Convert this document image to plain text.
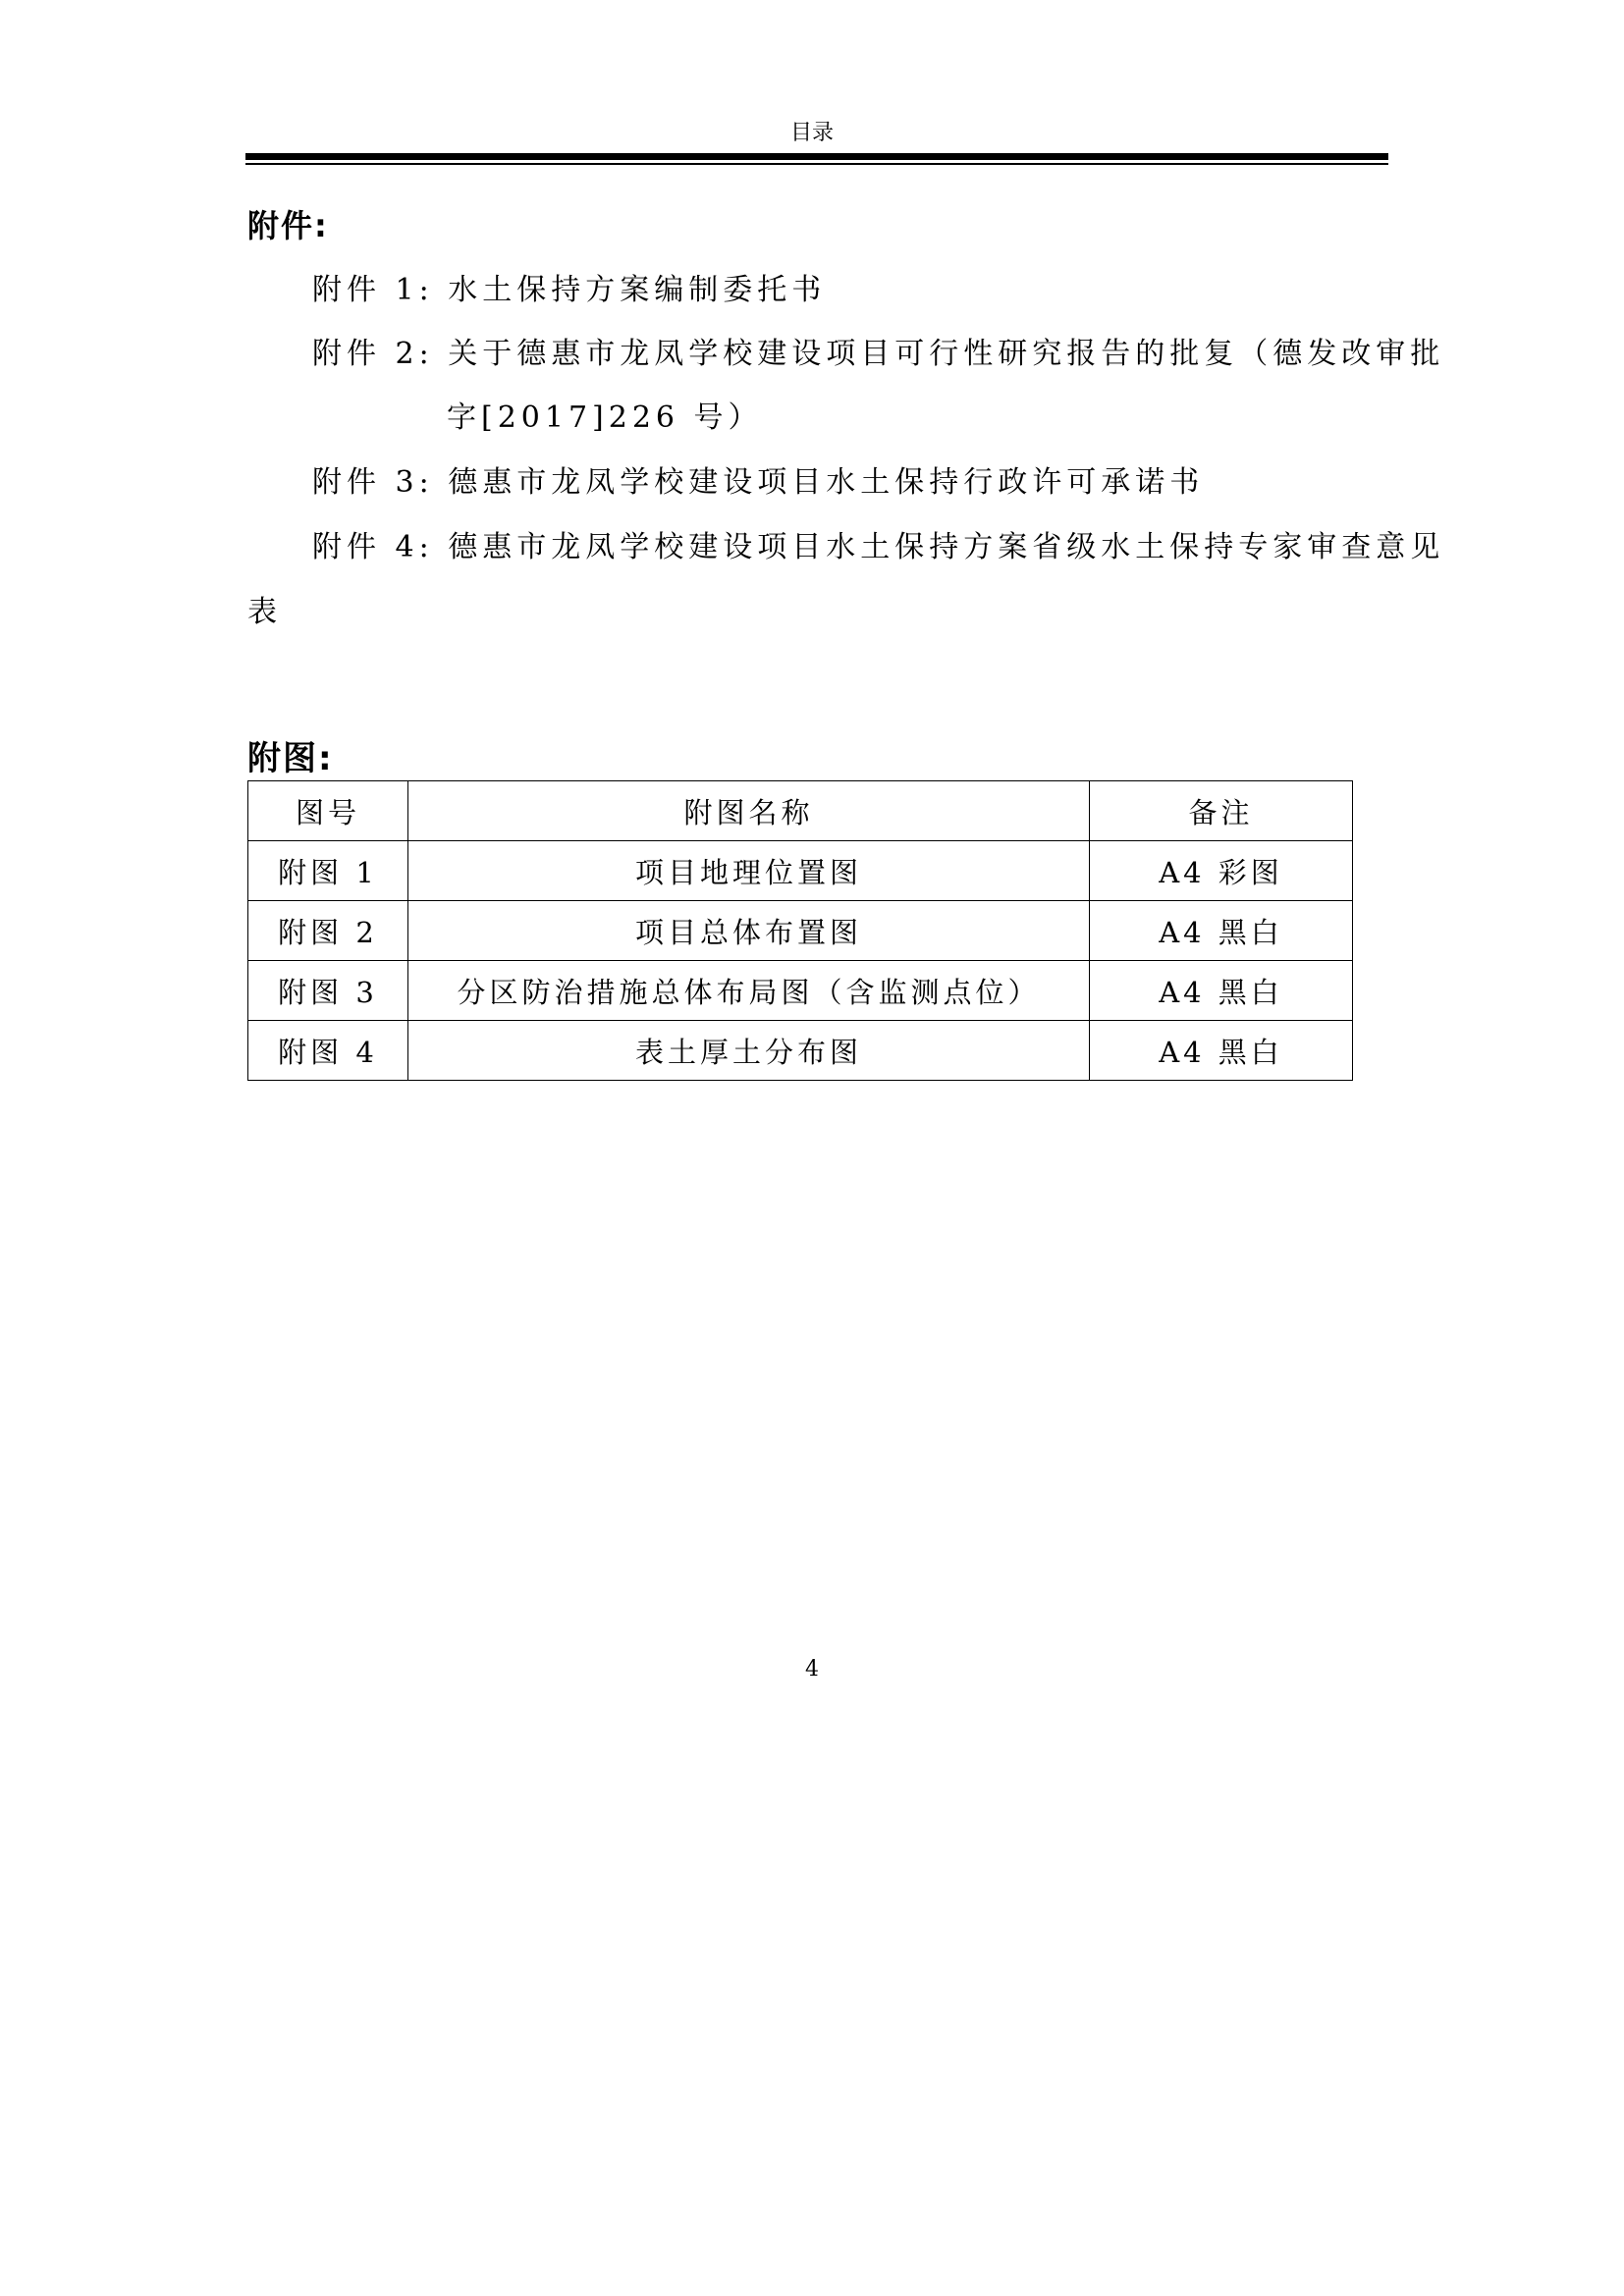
目录
附件:
附件 1: 水土保持方案编制委托书
附件 2: 关于德惠市龙凤学校建设项目可行性研究报告的批复（德发改审批
字[2017]226 号）
附件 3: 德惠市龙凤学校建设项目水土保持行政许可承诺书
附件 4: 德惠市龙凤学校建设项目水土保持方案省级水土保持专家审查意见
表
附图:
图号	附图名称	备注
附图 1	项目地理位置图	A4 彩图
附图 2	项目总体布置图	A4 黑白
附图 3	分区防治措施总体布局图（含监测点位）	A4 黑白
附图 4	表土厚土分布图	A4 黑白
4
